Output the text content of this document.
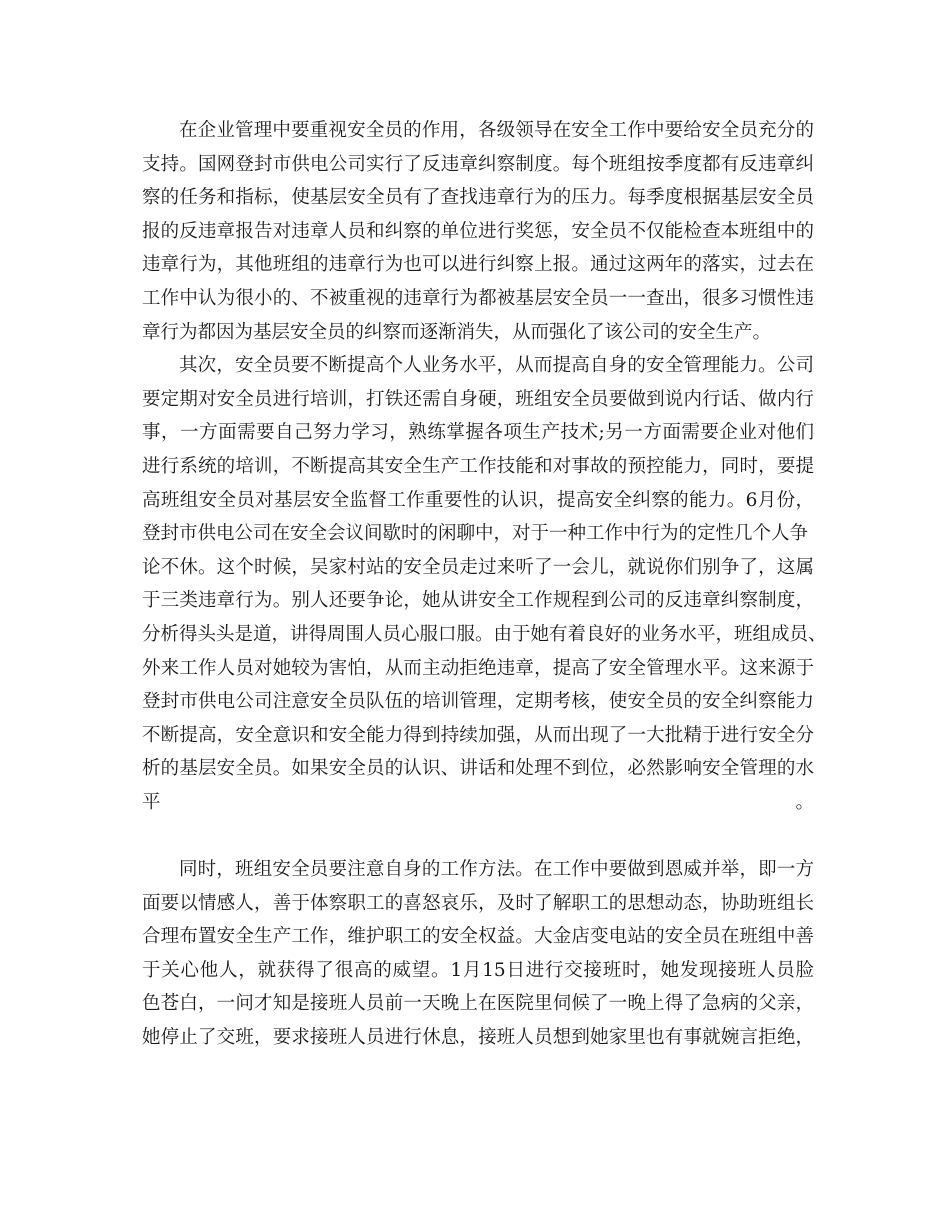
在企业管理中要重视安全员的作用，各级领导在安全工作中要给安全员充分的
支持。国网登封市供电公司实行了反违章纠察制度。每个班组按季度都有反违章纠
察的任务和指标，使基层安全员有了查找违章行为的压力。每季度根据基层安全员
报的反违章报告对违章人员和纠察的单位进行奖惩，安全员不仅能检查本班组中的
违章行为，其他班组的违章行为也可以进行纠察上报。通过这两年的落实，过去在
工作中认为很小的、不被重视的违章行为都被基层安全员一一查出，很多习惯性违
章行为都因为基层安全员的纠察而逐渐消失，从而强化了该公司的安全生产。
其次，安全员要不断提高个人业务水平，从而提高自身的安全管理能力。公司
要定期对安全员进行培训，打铁还需自身硬，班组安全员要做到说内行话、做内行
事，一方面需要自己努力学习，熟练掌握各项生产技术;另一方面需要企业对他们
进行系统的培训，不断提高其安全生产工作技能和对事故的预控能力，同时，要提
高班组安全员对基层安全监督工作重要性的认识，提高安全纠察的能力。6月份，
登封市供电公司在安全会议间歇时的闲聊中，对于一种工作中行为的定性几个人争
论不休。这个时候，吴家村站的安全员走过来听了一会儿，就说你们别争了，这属
于三类违章行为。别人还要争论，她从讲安全工作规程到公司的反违章纠察制度，
分析得头头是道，讲得周围人员心服口服。由于她有着良好的业务水平，班组成员、
外来工作人员对她较为害怕，从而主动拒绝违章，提高了安全管理水平。这来源于
登封市供电公司注意安全员队伍的培训管理，定期考核，使安全员的安全纠察能力
不断提高，安全意识和安全能力得到持续加强，从而出现了一大批精于进行安全分
析的基层安全员。如果安全员的认识、讲话和处理不到位，必然影响安全管理的水
平。
同时，班组安全员要注意自身的工作方法。在工作中要做到恩威并举，即一方
面要以情感人，善于体察职工的喜怒哀乐，及时了解职工的思想动态，协助班组长
合理布置安全生产工作，维护职工的安全权益。大金店变电站的安全员在班组中善
于关心他人，就获得了很高的威望。1月15日进行交接班时，她发现接班人员脸
色苍白，一问才知是接班人员前一天晚上在医院里伺候了一晚上得了急病的父亲，
她停止了交班，要求接班人员进行休息，接班人员想到她家里也有事就婉言拒绝，
